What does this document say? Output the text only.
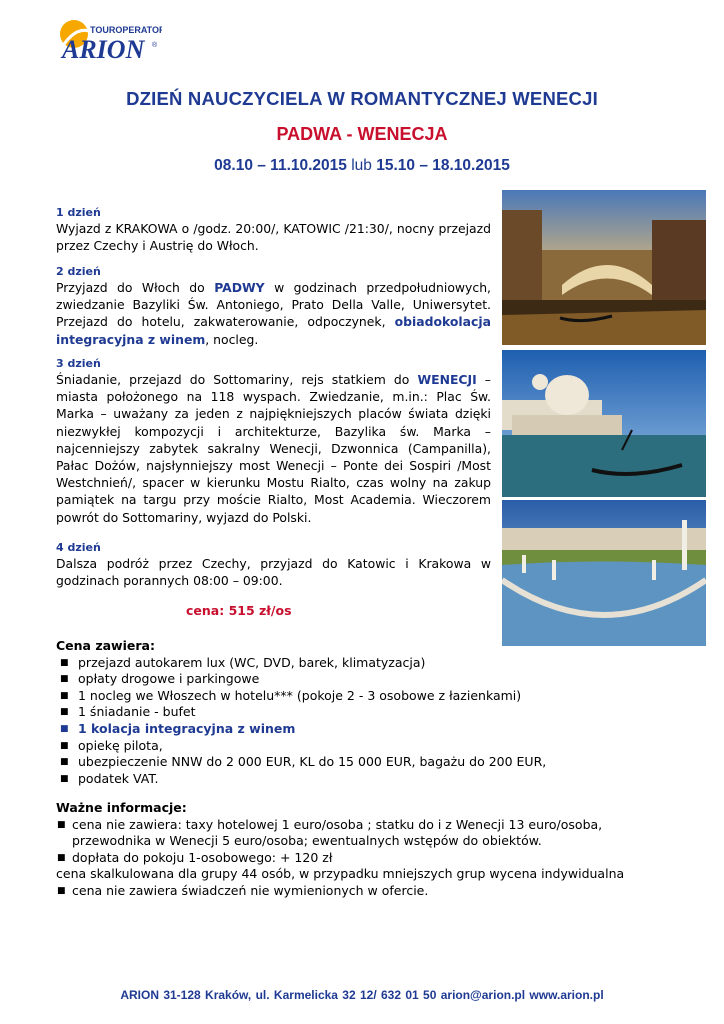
TOUROPERATOR
ARION ®
DZIEŃ NAUCZYCIELA W ROMANTYCZNEJ WENECJI
PADWA - WENECJA
08.10 – 11.10.2015 lub 15.10 – 18.10.2015
1 dzień
Wyjazd z KRAKOWA o /godz. 20:00/, KATOWIC /21:30/, nocny przejazd przez Czechy i Austrię do Włoch.
2 dzień
Przyjazd do Włoch do PADWY w godzinach przedpołudniowych, zwiedzanie Bazyliki Św. Antoniego, Prato Della Valle, Uniwersytet. Przejazd do hotelu, zakwaterowanie, odpoczynek, obiadokolacja integracyjna z winem, nocleg.
3 dzień
Śniadanie, przejazd do Sottomariny, rejs statkiem do WENECJI – miasta położonego na 118 wyspach. Zwiedzanie, m.in.: Plac Św. Marka – uważany za jeden z najpiękniejszych placów świata dzięki niezwykłej kompozycji i architekturze, Bazylika św. Marka – najcenniejszy zabytek sakralny Wenecji, Dzwonnica (Campanilla), Pałac Dożów, najsłynniejszy most Wenecji – Ponte dei Sospiri /Most Westchnień/, spacer w kierunku Mostu Rialto, czas wolny na zakup pamiątek na targu przy moście Rialto, Most Academia. Wieczorem powrót do Sottomariny, wyjazd do Polski.
4 dzień
Dalsza podróż przez Czechy, przyjazd do Katowic i Krakowa w godzinach porannych 08:00 – 09:00.
cena: 515 zł/os
Cena zawiera:
■ przejazd autokarem lux (WC, DVD, barek, klimatyzacja)
■ opłaty drogowe i parkingowe
■ 1 nocleg we Włoszech w hotelu*** (pokoje 2 - 3 osobowe z łazienkami)
■ 1 śniadanie - bufet
■ 1 kolacja integracyjna z winem
■ opiekę pilota,
■ ubezpieczenie NNW do 2 000 EUR, KL do 15 000 EUR, bagażu do 200 EUR,
■ podatek VAT.
Ważne informacje:
■ cena nie zawiera: taxy hotelowej 1 euro/osoba ; statku do i z Wenecji 13 euro/osoba, przewodnika w Wenecji 5 euro/osoba; ewentualnych wstępów do obiektów.
■ dopłata do pokoju 1-osobowego: + 120 zł
cena skalkulowana dla grupy 44 osób, w przypadku mniejszych grup wycena indywidualna
■ cena nie zawiera świadczeń nie wymienionych w ofercie.
ARION 31-128 Kraków, ul. Karmelicka 32 12/ 632 01 50 arion@arion.pl www.arion.pl
